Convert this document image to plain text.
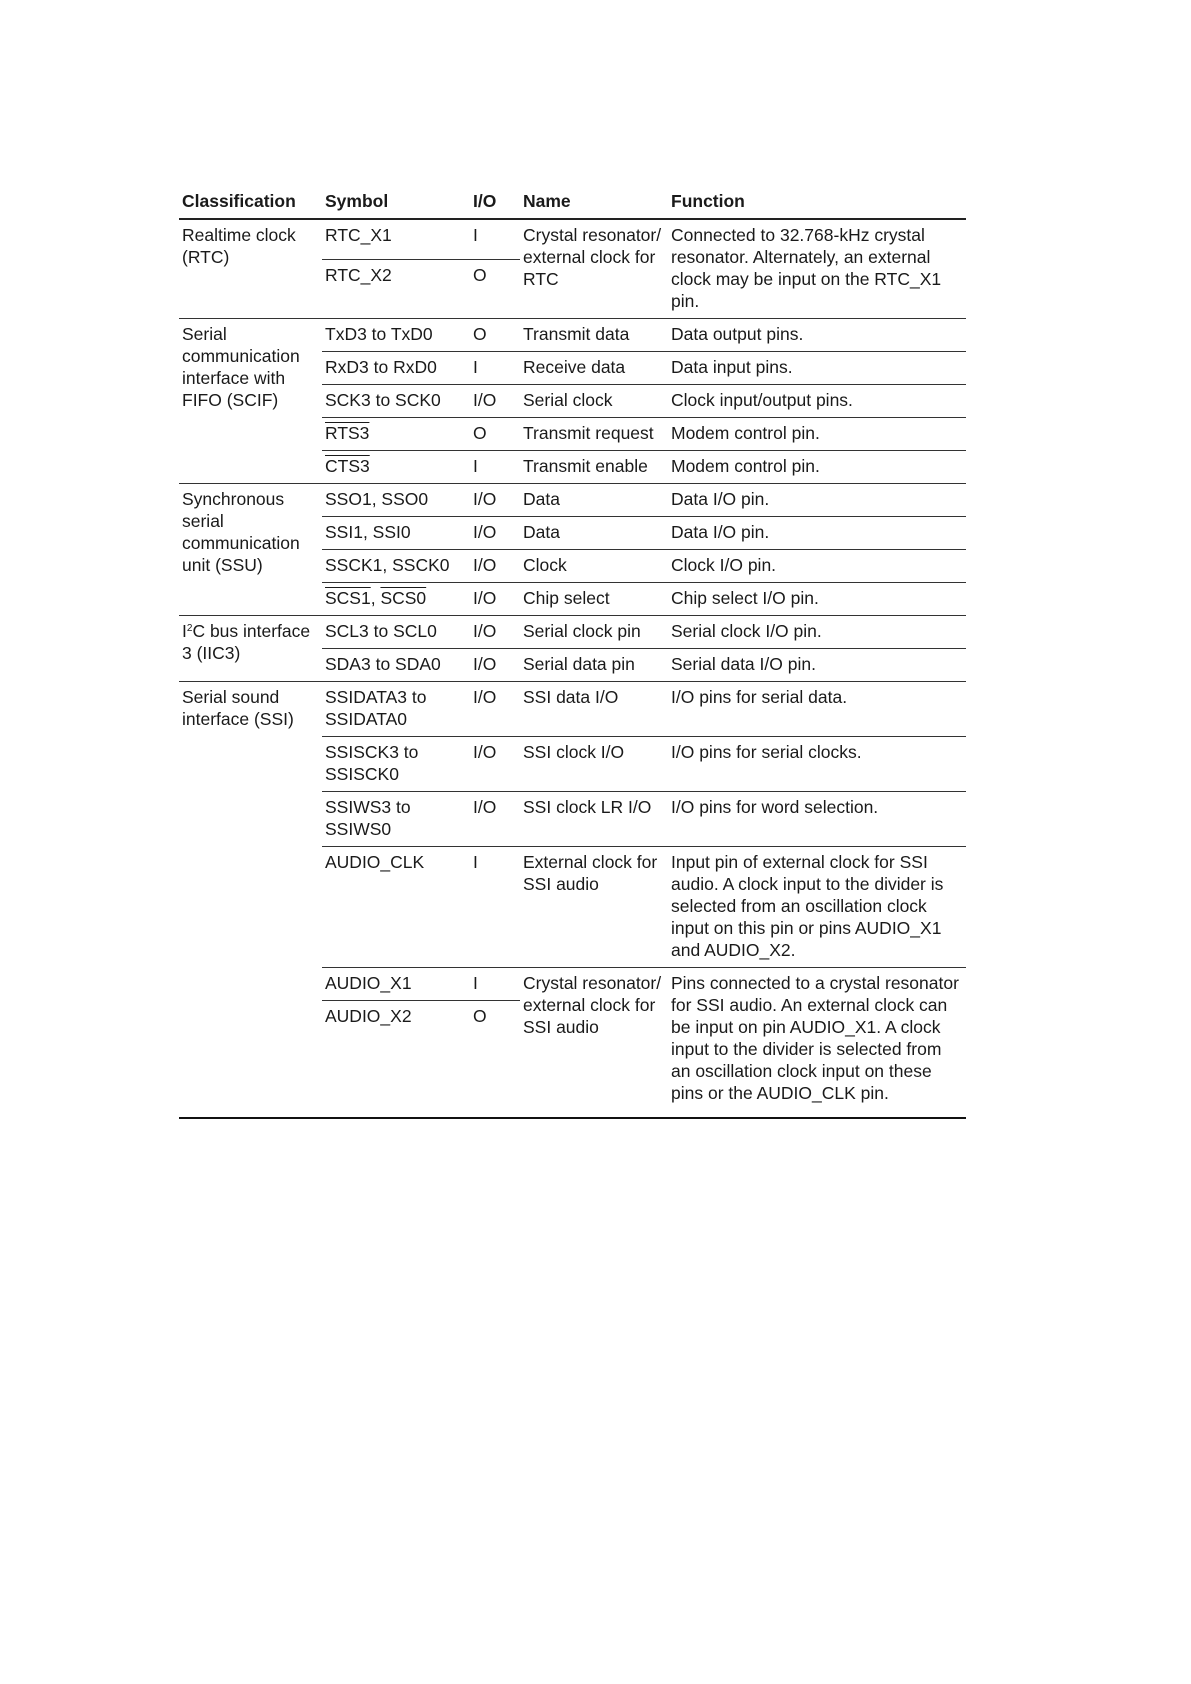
Classification	Symbol	I/O	Name	Function
Realtime clock (RTC)	RTC_X1	I	Crystal resonator/ external clock for RTC	Connected to 32.768-kHz crystal resonator. Alternately, an external clock may be input on the RTC_X1 pin.
	RTC_X2	O		
Serial communication interface with FIFO (SCIF)	TxD3 to TxD0	O	Transmit data	Data output pins.
	RxD3 to RxD0	I	Receive data	Data input pins.
	SCK3 to SCK0	I/O	Serial clock	Clock input/output pins.
	RTS3	O	Transmit request	Modem control pin.
	CTS3	I	Transmit enable	Modem control pin.
Synchronous serial communication unit (SSU)	SSO1, SSO0	I/O	Data	Data I/O pin.
	SSI1, SSI0	I/O	Data	Data I/O pin.
	SSCK1, SSCK0	I/O	Clock	Clock I/O pin.
	SCS1, SCS0	I/O	Chip select	Chip select I/O pin.
$I^2C$ bus interface 3 (IIC3)	SCL3 to SCL0	I/O	Serial clock pin	Serial clock I/O pin.
	SDA3 to SDA0	I/O	Serial data pin	Serial data I/O pin.
Serial sound interface (SSI)	SSIDATA3 to SSIDATA0	I/O	SSI data I/O	I/O pins for serial data.
	SSISCK3 to SSISCK0	I/O	SSI clock I/O	I/O pins for serial clocks.
	SSIWS3 to SSIWS0	I/O	SSI clock LR I/O	I/O pins for word selection.
	AUDIO_CLK	I	External clock for SSI audio	Input pin of external clock for SSI audio. A clock input to the divider is selected from an oscillation clock input on this pin or pins AUDIO_X1 and AUDIO_X2.
	AUDIO_X1	I	Crystal resonator/ external clock for SSI audio	Pins connected to a crystal resonator for SSI audio. An external clock can be input on pin AUDIO_X1. A clock input to the divider is selected from an oscillation clock input on these pins or the AUDIO_CLK pin.
	AUDIO_X2	O		
